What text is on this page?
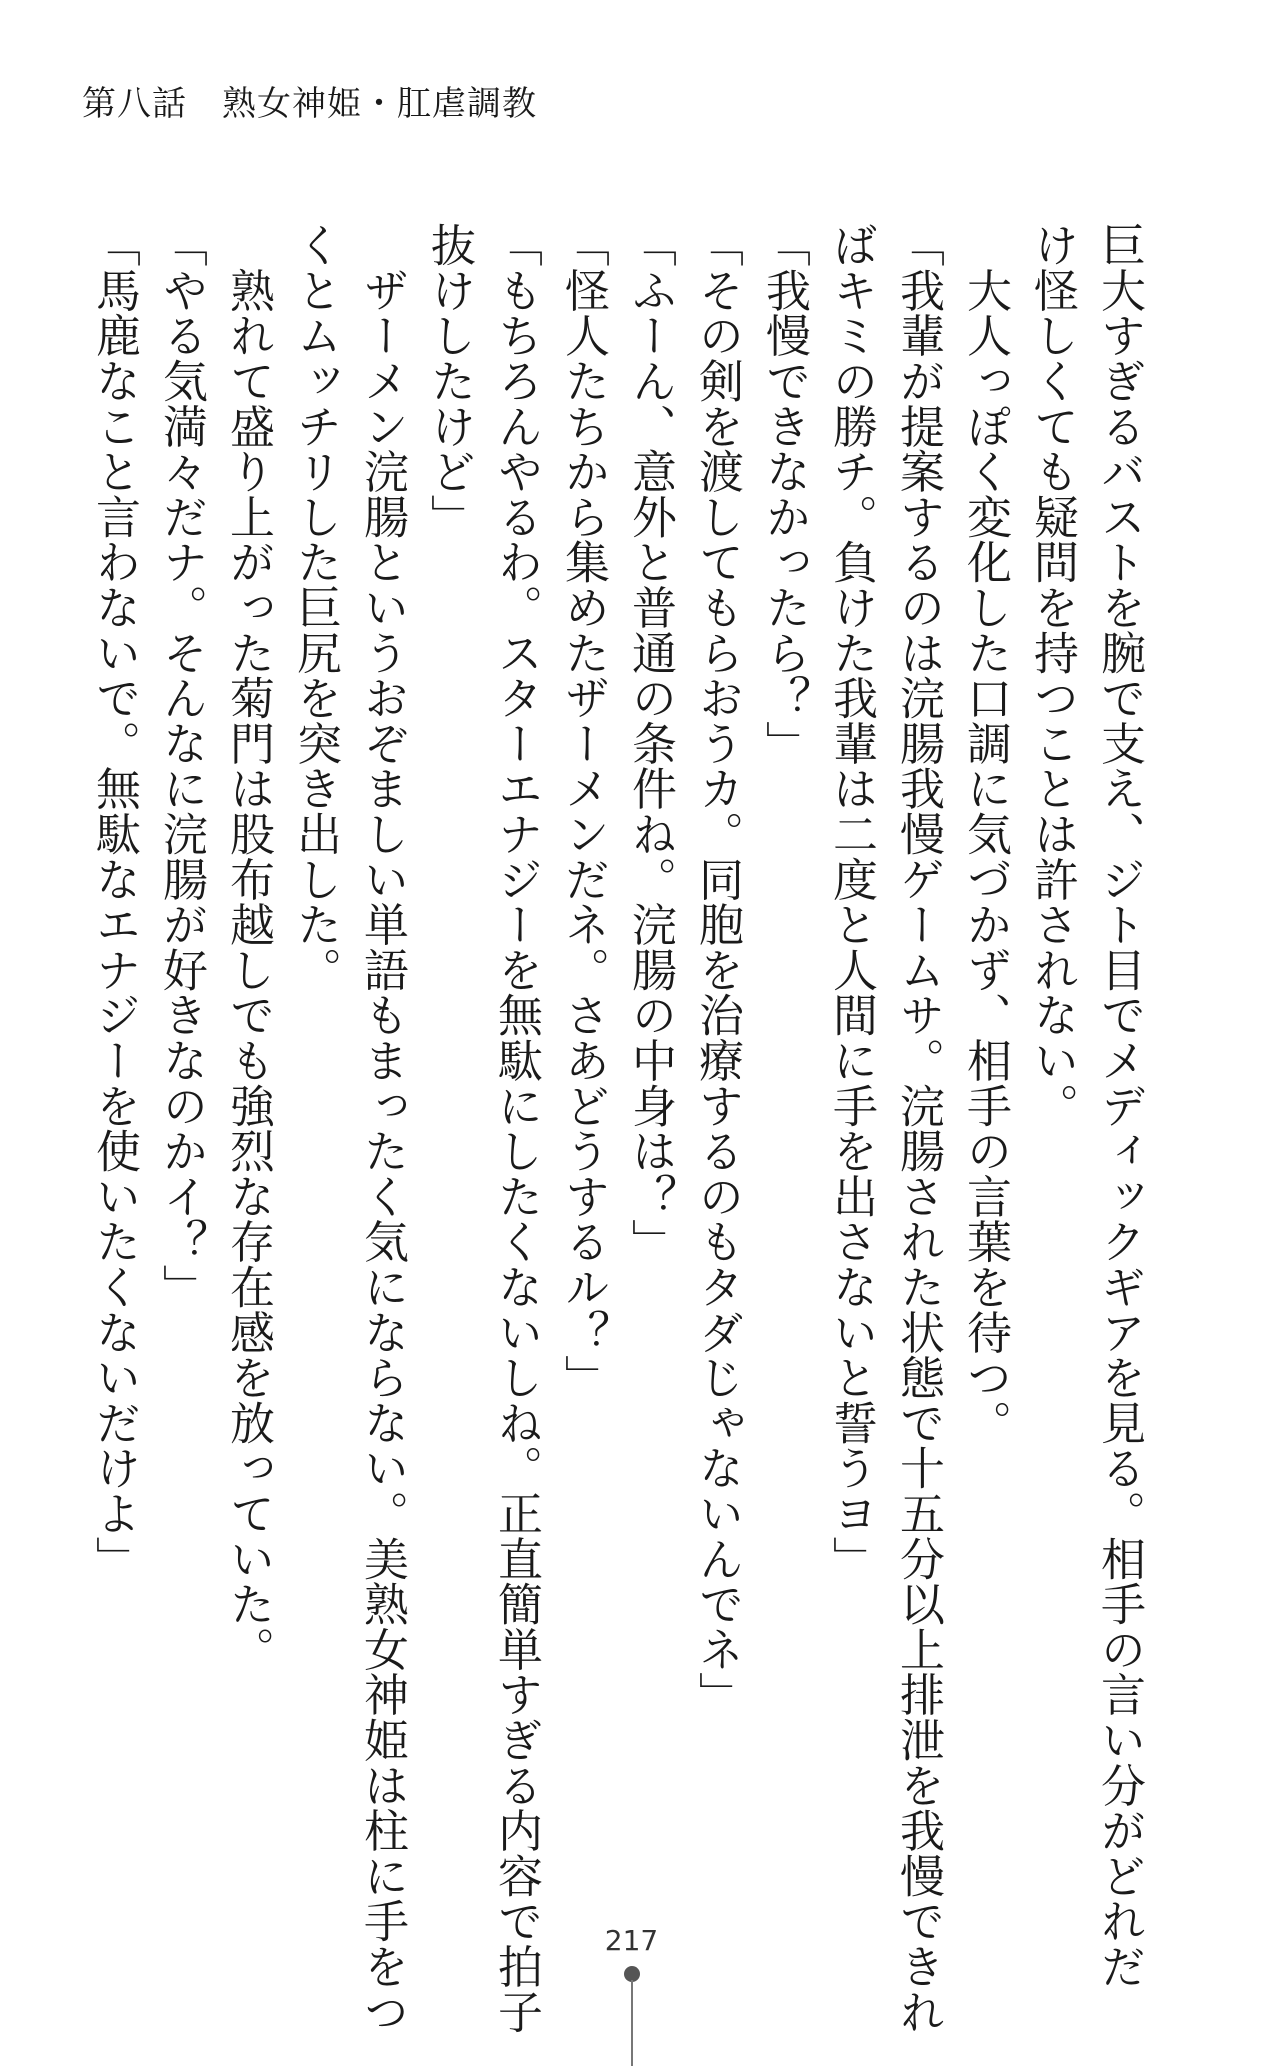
第八話　熟女神姫・肛虐調教
巨大すぎるバストを腕で支え、ジト目でメディックギアを見る。相手の言い分がどれだ
け怪しくても疑問を持つことは許されない。
　大人っぽく変化した口調に気づかず、相手の言葉を待つ。
「我輩が提案するのは浣腸我慢ゲームサ。浣腸された状態で十五分以上排泄を我慢できれ
ばキミの勝チ。負けた我輩は二度と人間に手を出さないと誓うヨ」
「我慢できなかったら？」
「その剣を渡してもらおうカ。同胞を治療するのもタダじゃないんでネ」
「ふーん、意外と普通の条件ね。浣腸の中身は？」
「怪人たちから集めたザーメンだネ。さあどうするル？」
「もちろんやるわ。スターエナジーを無駄にしたくないしね。正直簡単すぎる内容で拍子
抜けしたけど」
　ザーメン浣腸というおぞましい単語もまったく気にならない。美熟女神姫は柱に手をつ
くとムッチリした巨尻を突き出した。
　熟れて盛り上がった菊門は股布越しでも強烈な存在感を放っていた。
「やる気満々だナ。そんなに浣腸が好きなのかイ？」
「馬鹿なこと言わないで。無駄なエナジーを使いたくないだけよ」
217
